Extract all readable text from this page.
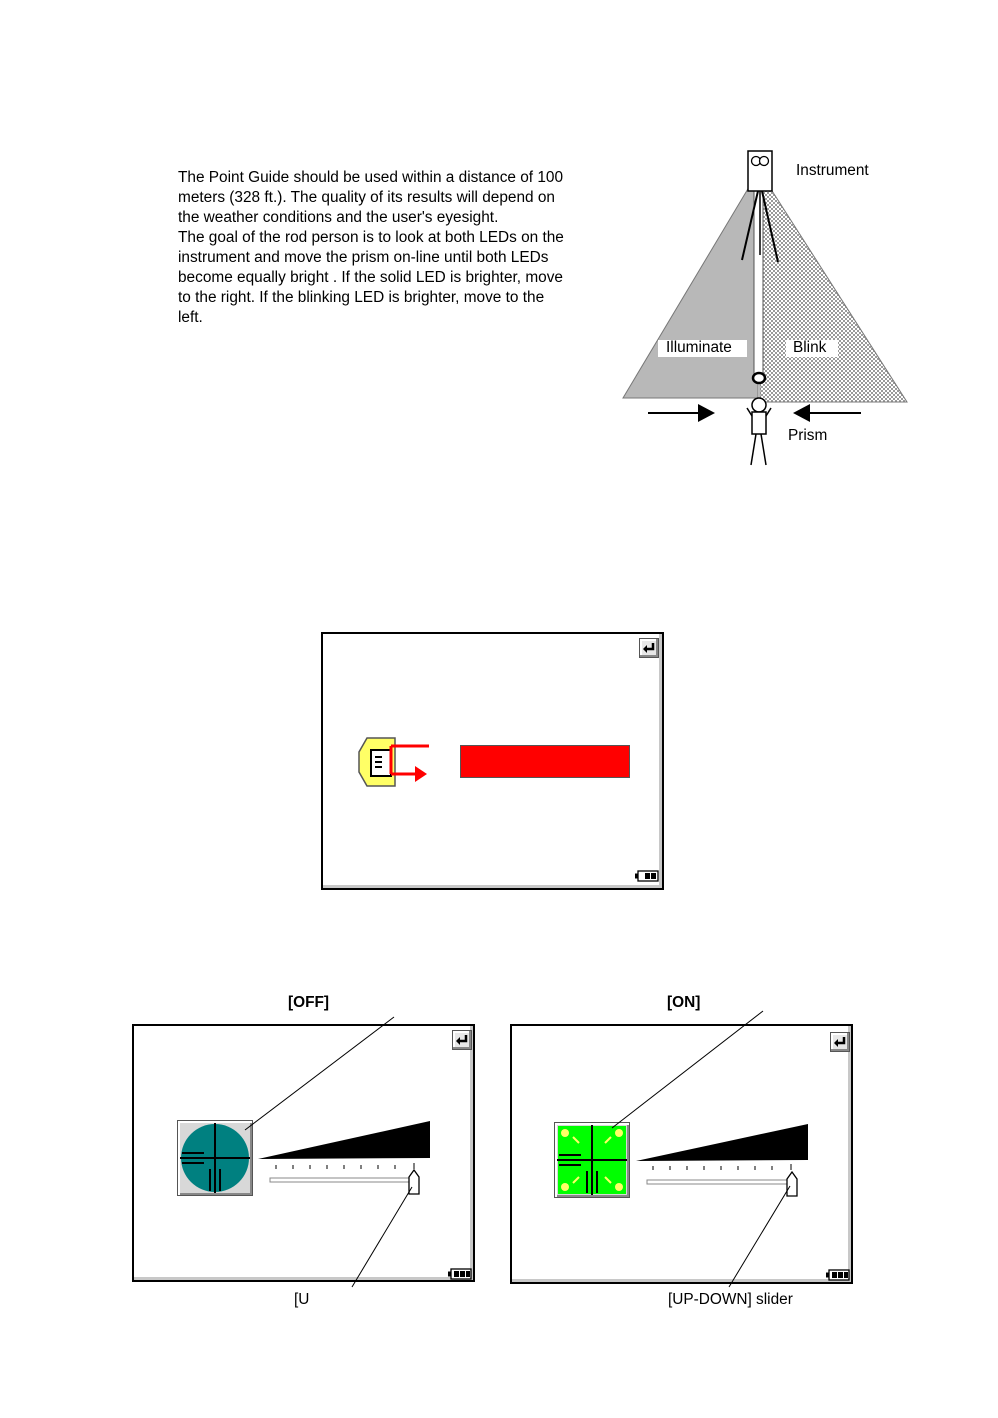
The Point Guide should be used within a distance of 100 meters (328 ft.). The quality of its results will depend on the weather conditions and the user's eyesight.

The goal of the rod person is to look at both LEDs on the instrument and move the prism on-line until both LEDs become equally bright . If the solid LED is brighter, move to the right. If the blinking LED is brighter, move to the left.

Instrument
Illuminate	Blink
Prism
[OFF]	[ON]
[U	[UP-DOWN] slider
